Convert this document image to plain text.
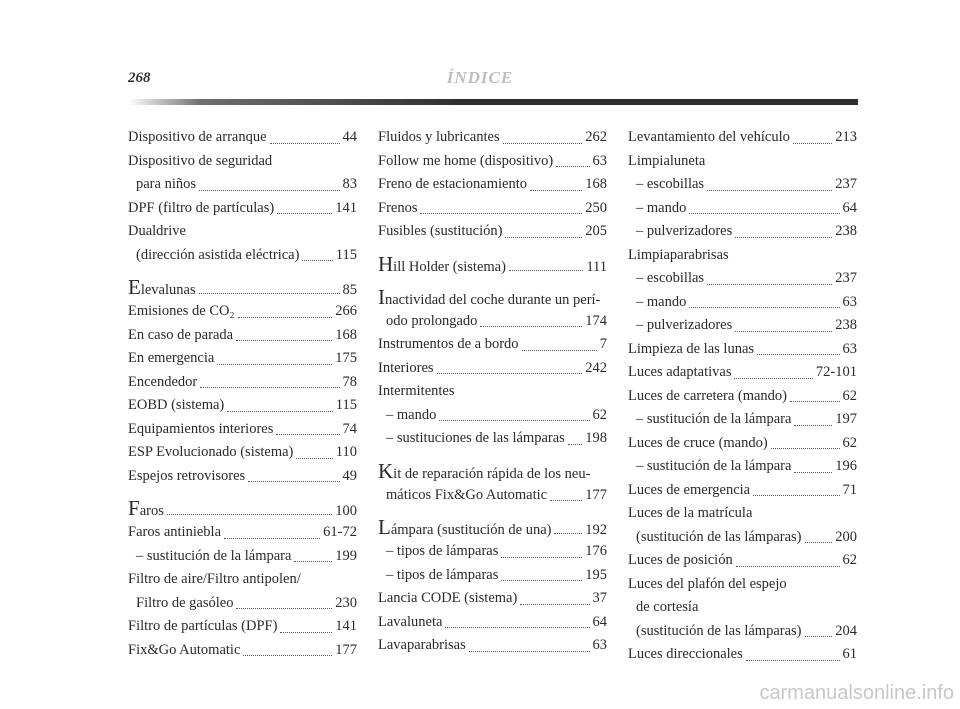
268	ÍNDICE
Dispositivo de arranque	44
Dispositivo de seguridad
para niños	83
DPF (filtro de partículas)	141
Dualdrive
(dirección asistida eléctrica)	115
Elevalunas	85
Emisiones de CO₂	266
En caso de parada	168
En emergencia	175
Encendedor	78
EOBD (sistema)	115
Equipamientos interiores	74
ESP Evolucionado (sistema)	110
Espejos retrovisores	49
Faros	100
Faros antiniebla	61-72
– sustitución de la lámpara	199
Filtro de aire/Filtro antipolen/
Filtro de gasóleo	230
Filtro de partículas (DPF)	141
Fix&Go Automatic	177
Fluidos y lubricantes	262
Follow me home (dispositivo)	63
Freno de estacionamiento	168
Frenos	250
Fusibles (sustitución)	205
Hill Holder (sistema)	111
Inactividad del coche durante un perí-
odo prolongado	174
Instrumentos de a bordo	7
Interiores	242
Intermitentes
– mando	62
– sustituciones de las lámparas 198
Kit de reparación rápida de los neu-
máticos Fix&Go Automatic	177
Lámpara (sustitución de una) 192
– tipos de lámparas	176
– tipos de lámparas	195
Lancia CODE (sistema)	37
Lavaluneta	64
Lavaparabrisas	63
Levantamiento del vehículo	213
Limpialuneta
– escobillas	237
– mando	64
– pulverizadores	238
Limpiaparabrisas
– escobillas	237
– mando	63
– pulverizadores	238
Limpieza de las lunas	63
Luces adaptativas	72-101
Luces de carretera (mando)	62
– sustitución de la lámpara	197
Luces de cruce (mando)	62
– sustitución de la lámpara	196
Luces de emergencia	71
Luces de la matrícula
(sustitución de las lámparas) 200
Luces de posición	62
Luces del plafón del espejo
de cortesía
(sustitución de las lámparas) 204
Luces direccionales	61
carmanualsonline.info
